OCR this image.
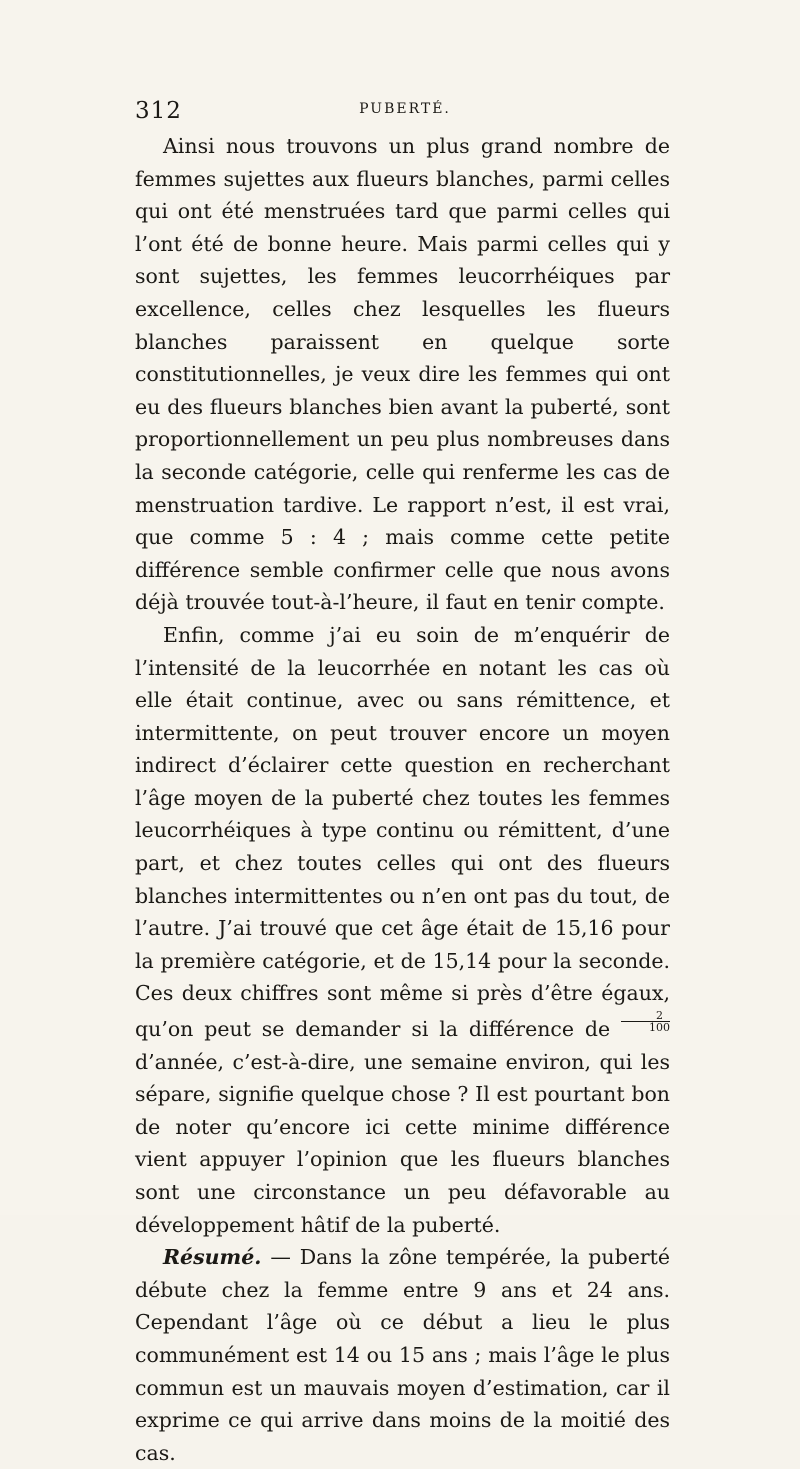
312	PUBERTÉ.

Ainsi nous trouvons un plus grand nombre de femmes sujettes aux flueurs blanches, parmi celles qui ont été menstruées tard que parmi celles qui l’ont été de bonne heure. Mais parmi celles qui y sont sujettes, les femmes leucorrhéiques par excellence, celles chez lesquelles les flueurs blanches paraissent en quelque sorte constitutionnelles, je veux dire les femmes qui ont eu des flueurs blanches bien avant la puberté, sont proportionnellement un peu plus nombreuses dans la seconde catégorie, celle qui renferme les cas de menstruation tardive. Le rapport n’est, il est vrai, que comme 5 : 4 ; mais comme cette petite différence semble confirmer celle que nous avons déjà trouvée tout-à-l’heure, il faut en tenir compte.

Enfin, comme j’ai eu soin de m’enquérir de l’intensité de la leucorrhée en notant les cas où elle était continue, avec ou sans rémittence, et intermittente, on peut trouver encore un moyen indirect d’éclairer cette question en recherchant l’âge moyen de la puberté chez toutes les femmes leucorrhéiques à type continu ou rémittent, d’une part, et chez toutes celles qui ont des flueurs blanches intermittentes ou n’en ont pas du tout, de l’autre. J’ai trouvé que cet âge était de 15,16 pour la première catégorie, et de 15,14 pour la seconde. Ces deux chiffres sont même si près d’être égaux, qu’on peut se demander si la différence de $\frac{2}{100}$
d’année, c’est-à-dire, une semaine environ, qui les sépare, signifie quelque chose ? Il est pourtant bon de noter qu’encore ici cette minime différence vient appuyer l’opinion que les flueurs blanches sont une circonstance un peu défavorable au développement hâtif de la puberté.

Résumé. — Dans la zône tempérée, la puberté débute chez la femme entre 9 ans et 24 ans. Cependant l’âge où ce début a lieu le plus communément est 14 ou 15 ans ; mais l’âge le plus commun est un mauvais moyen d’estimation, car il exprime ce qui arrive dans moins de la moitié des cas.
